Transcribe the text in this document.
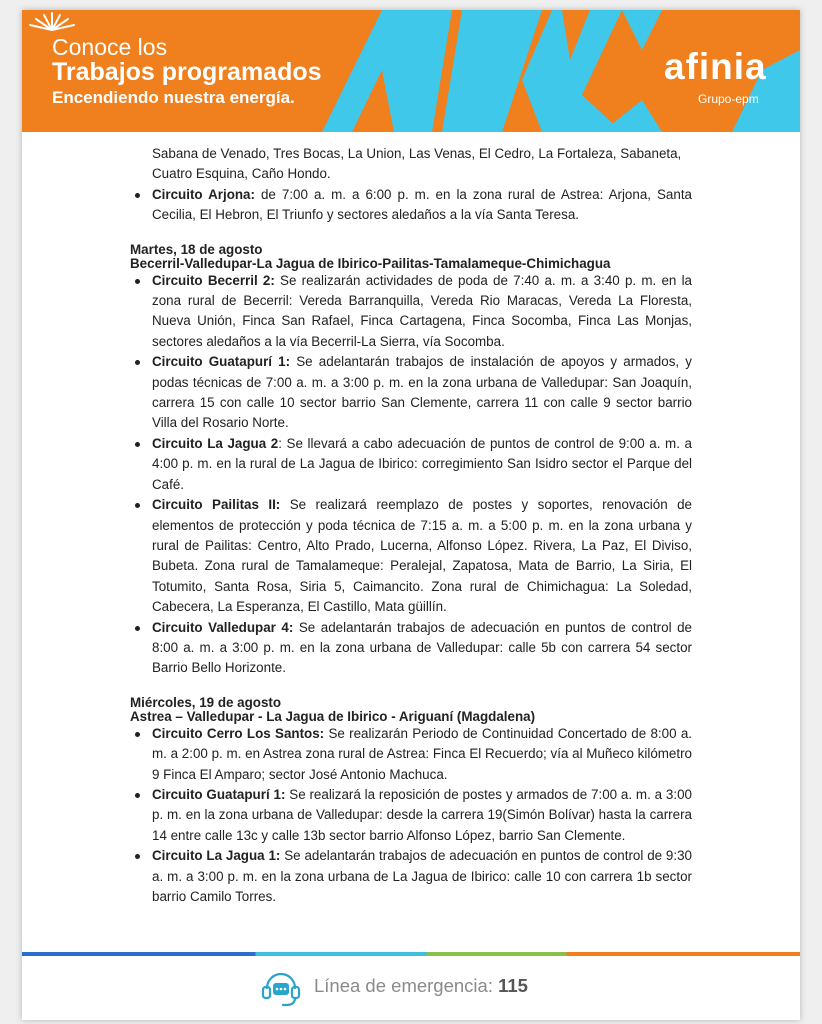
Conoce los
Trabajos programados
Encendiendo nuestra energía.
afinia
Grupo-epm
Sabana de Venado, Tres Bocas, La Union, Las Venas, El Cedro, La Fortaleza, Sabaneta, Cuatro Esquina, Caño Hondo.
Circuito Arjona: de 7:00 a. m. a 6:00 p. m. en la zona rural de Astrea: Arjona, Santa Cecilia, El Hebron, El Triunfo y sectores aledaños a la vía Santa Teresa.
Martes, 18 de agosto
Becerril-Valledupar-La Jagua de Ibirico-Pailitas-Tamalameque-Chimichagua
Circuito Becerril 2: Se realizarán actividades de poda de 7:40 a. m. a 3:40 p. m. en la zona rural de Becerril: Vereda Barranquilla, Vereda Rio Maracas, Vereda La Floresta, Nueva Unión, Finca San Rafael, Finca Cartagena, Finca Socomba, Finca Las Monjas, sectores aledaños a la vía Becerril-La Sierra, vía Socomba.
Circuito Guatapurí 1: Se adelantarán trabajos de instalación de apoyos y armados, y podas técnicas de 7:00 a. m. a 3:00 p. m. en la zona urbana de Valledupar: San Joaquín, carrera 15 con calle 10 sector barrio San Clemente, carrera 11 con calle 9 sector barrio Villa del Rosario Norte.
Circuito La Jagua 2: Se llevará a cabo adecuación de puntos de control de 9:00 a. m. a 4:00 p. m. en la rural de La Jagua de Ibirico: corregimiento San Isidro sector el Parque del Café.
Circuito Pailitas II: Se realizará reemplazo de postes y soportes, renovación de elementos de protección y poda técnica de 7:15 a. m. a 5:00 p. m. en la zona urbana y rural de Pailitas: Centro, Alto Prado, Lucerna, Alfonso López. Rivera, La Paz, El Diviso, Bubeta. Zona rural de Tamalameque: Peralejal, Zapatosa, Mata de Barrio, La Siria, El Totumito, Santa Rosa, Siria 5, Caimancito. Zona rural de Chimichagua: La Soledad, Cabecera, La Esperanza, El Castillo, Mata güillín.
Circuito Valledupar 4: Se adelantarán trabajos de adecuación en puntos de control de 8:00 a. m. a 3:00 p. m. en la zona urbana de Valledupar: calle 5b con carrera 54 sector Barrio Bello Horizonte.
Miércoles, 19 de agosto
Astrea – Valledupar - La Jagua de Ibirico - Ariguaní (Magdalena)
Circuito Cerro Los Santos: Se realizarán Periodo de Continuidad Concertado de 8:00 a. m. a 2:00 p. m. en Astrea zona rural de Astrea: Finca El Recuerdo; vía al Muñeco kilómetro 9 Finca El Amparo; sector José Antonio Machuca.
Circuito Guatapurí 1: Se realizará la reposición de postes y armados de 7:00 a. m. a 3:00 p. m. en la zona urbana de Valledupar: desde la carrera 19(Simón Bolívar) hasta la carrera 14 entre calle 13c y calle 13b sector barrio Alfonso López, barrio San Clemente.
Circuito La Jagua 1: Se adelantarán trabajos de adecuación en puntos de control de 9:30 a. m. a 3:00 p. m. en la zona urbana de La Jagua de Ibirico: calle 10 con carrera 1b sector barrio Camilo Torres.
Línea de emergencia: 115
